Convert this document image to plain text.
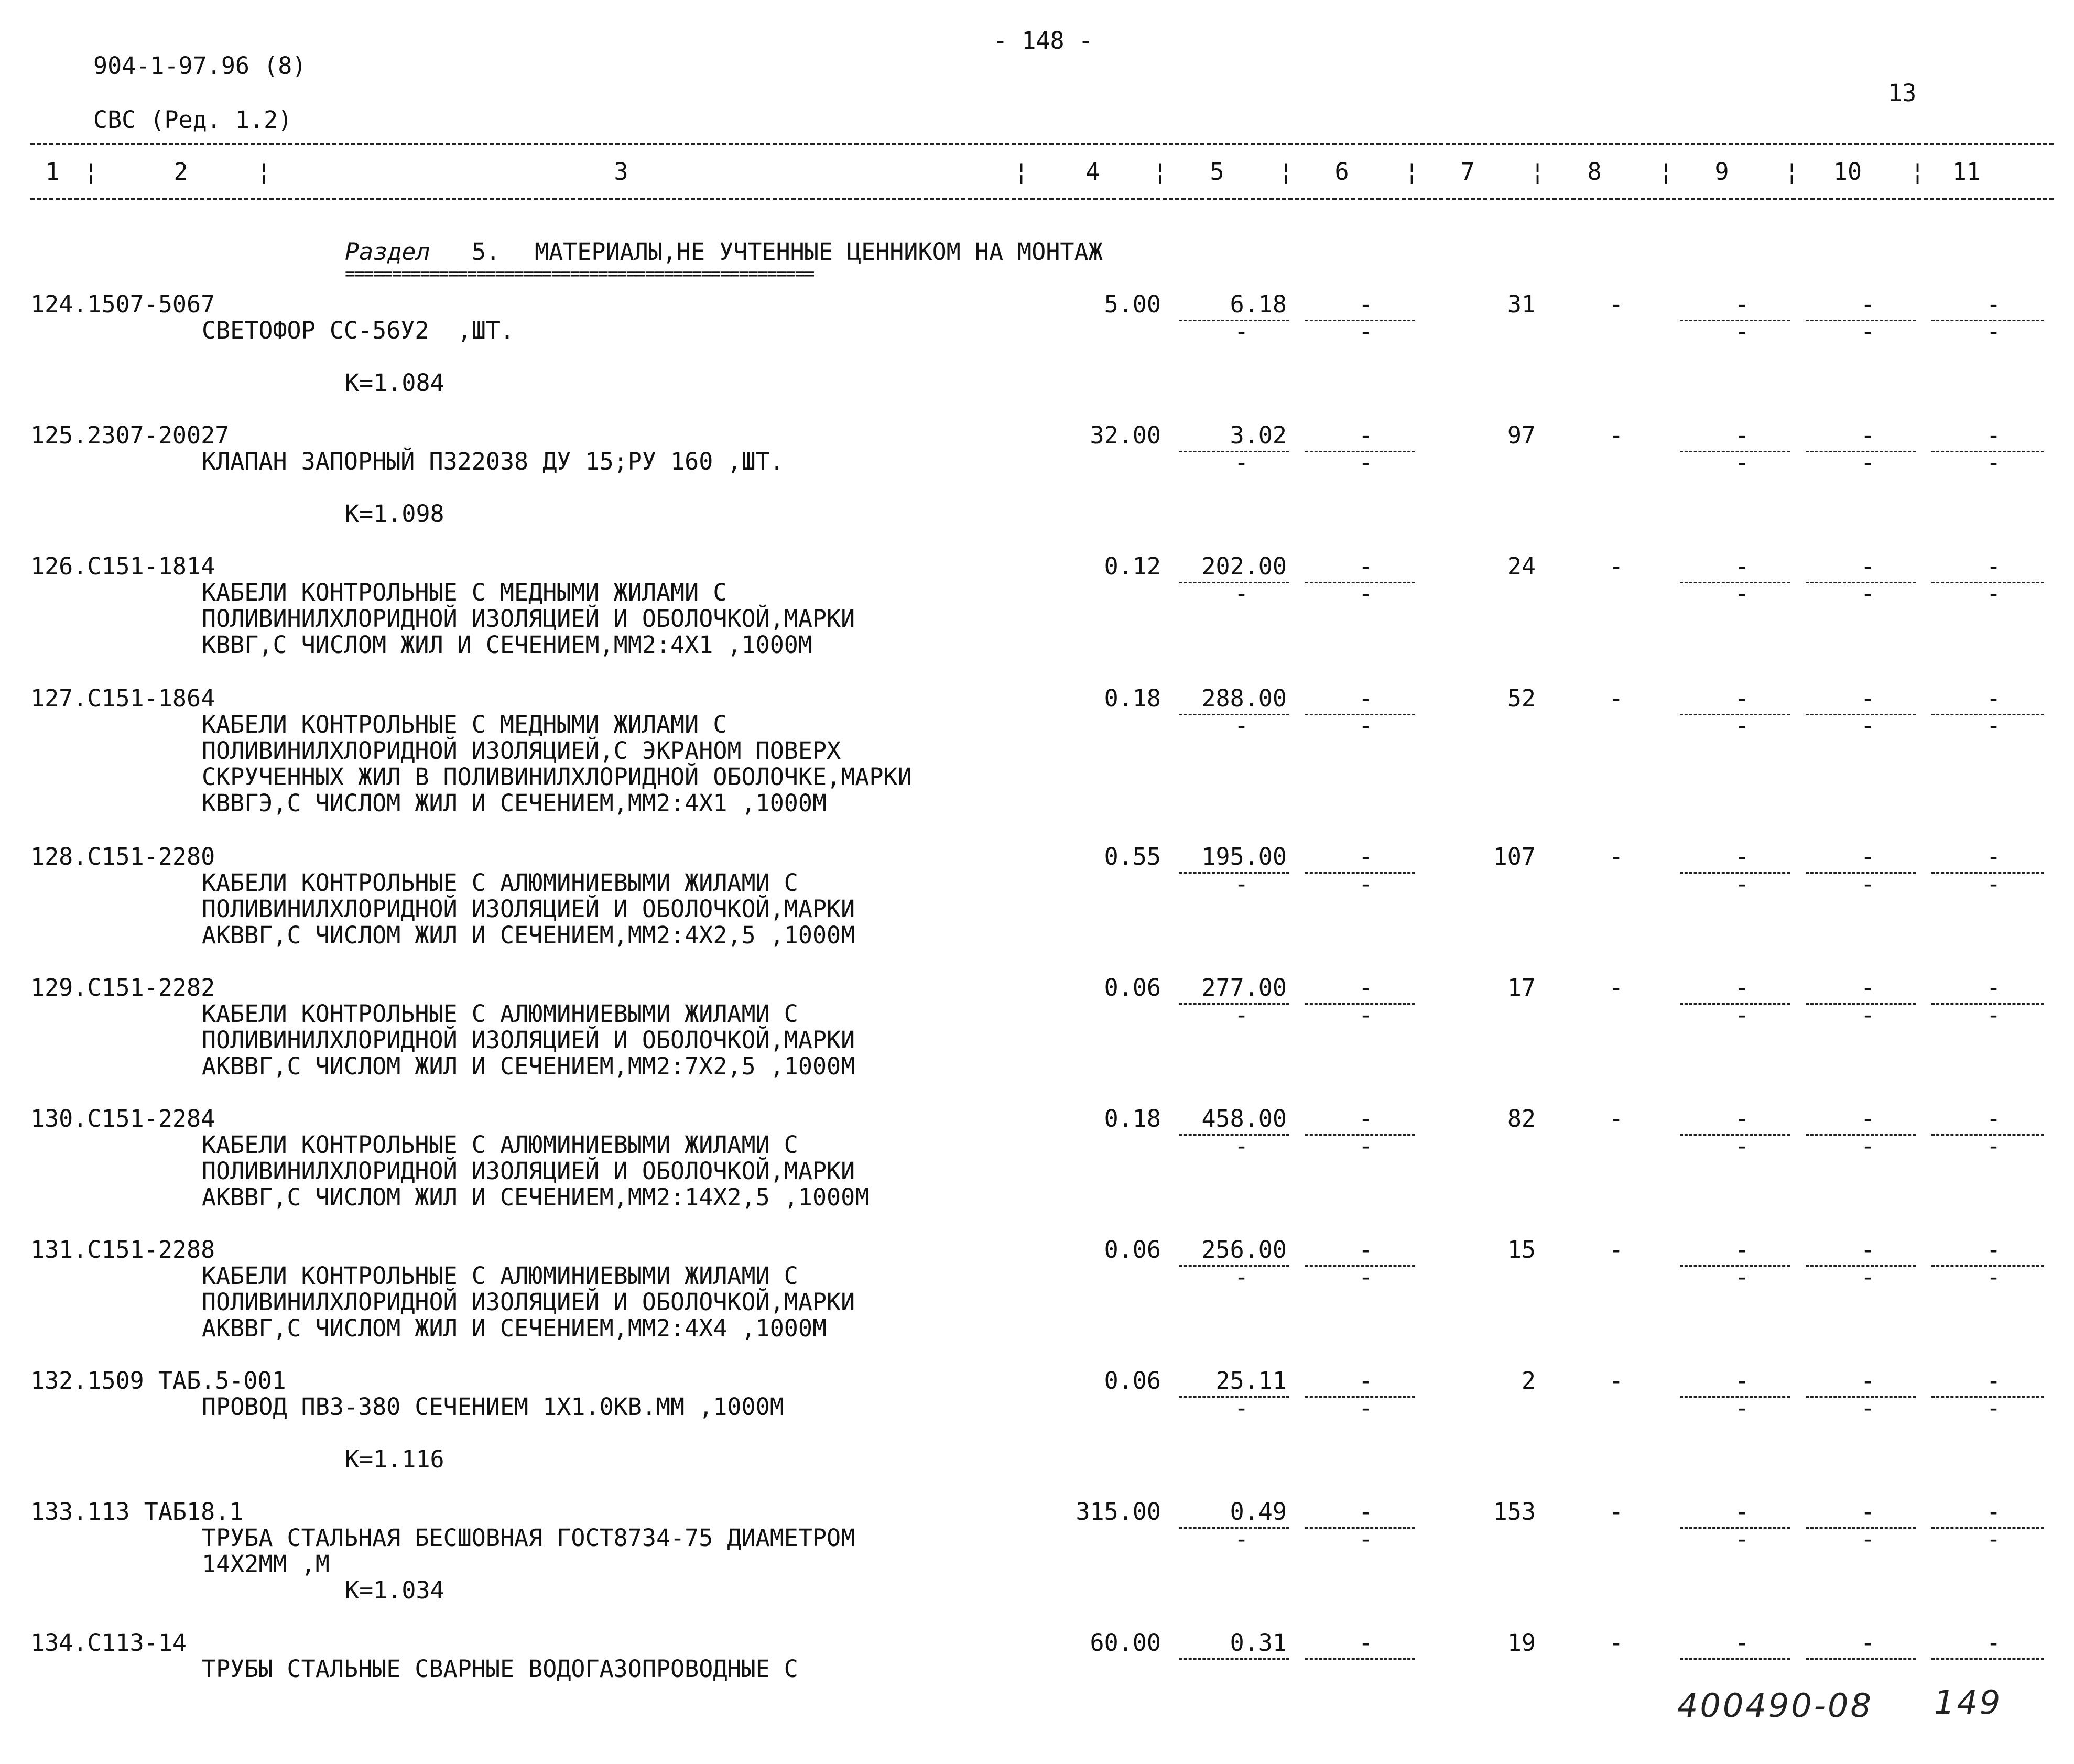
- 148 -
904-1-97.96 (8)
13
СВС (Ред. 1.2)
1	2	3	4	5	6	7	8	9	10	11
¦	¦	¦	¦	¦	¦	¦	¦	¦	¦
Раздел 5. МАТЕРИАЛЫ,НЕ УЧТЕННЫЕ ЦЕННИКОМ НА МОНТАЖ
==================================================
124.1507-5067
СВЕТОФОР СС-56У2  ,ШТ.
5.00	6.18	-	31	-	-	-	-
-	-	-	-	-
К=1.084
125.2307-20027
КЛАПАН ЗАПОРНЫЙ П322038 ДУ 15;РУ 160 ,ШТ.
32.00	3.02	-	97	-	-	-	-
-	-	-	-	-
К=1.098
126.С151-1814
КАБЕЛИ КОНТРОЛЬНЫЕ С МЕДНЫМИ ЖИЛАМИ С
ПОЛИВИНИЛХЛОРИДНОЙ ИЗОЛЯЦИЕЙ И ОБОЛОЧКОЙ,МАРКИ
КВВГ,С ЧИСЛОМ ЖИЛ И СЕЧЕНИЕМ,ММ2:4Х1 ,1000М
0.12	202.00	-	24	-	-	-	-
-	-	-	-	-
127.С151-1864
КАБЕЛИ КОНТРОЛЬНЫЕ С МЕДНЫМИ ЖИЛАМИ С
ПОЛИВИНИЛХЛОРИДНОЙ ИЗОЛЯЦИЕЙ,С ЭКРАНОМ ПОВЕРХ
СКРУЧЕННЫХ ЖИЛ В ПОЛИВИНИЛХЛОРИДНОЙ ОБОЛОЧКЕ,МАРКИ
КВВГЭ,С ЧИСЛОМ ЖИЛ И СЕЧЕНИЕМ,ММ2:4Х1 ,1000М
0.18	288.00	-	52	-	-	-	-
-	-	-	-	-
128.С151-2280
КАБЕЛИ КОНТРОЛЬНЫЕ С АЛЮМИНИЕВЫМИ ЖИЛАМИ С
ПОЛИВИНИЛХЛОРИДНОЙ ИЗОЛЯЦИЕЙ И ОБОЛОЧКОЙ,МАРКИ
АКВВГ,С ЧИСЛОМ ЖИЛ И СЕЧЕНИЕМ,ММ2:4Х2,5 ,1000М
0.55	195.00	-	107	-	-	-	-
-	-	-	-	-
129.С151-2282
КАБЕЛИ КОНТРОЛЬНЫЕ С АЛЮМИНИЕВЫМИ ЖИЛАМИ С
ПОЛИВИНИЛХЛОРИДНОЙ ИЗОЛЯЦИЕЙ И ОБОЛОЧКОЙ,МАРКИ
АКВВГ,С ЧИСЛОМ ЖИЛ И СЕЧЕНИЕМ,ММ2:7Х2,5 ,1000М
0.06	277.00	-	17	-	-	-	-
-	-	-	-	-
130.С151-2284
КАБЕЛИ КОНТРОЛЬНЫЕ С АЛЮМИНИЕВЫМИ ЖИЛАМИ С
ПОЛИВИНИЛХЛОРИДНОЙ ИЗОЛЯЦИЕЙ И ОБОЛОЧКОЙ,МАРКИ
АКВВГ,С ЧИСЛОМ ЖИЛ И СЕЧЕНИЕМ,ММ2:14Х2,5 ,1000М
0.18	458.00	-	82	-	-	-	-
-	-	-	-	-
131.С151-2288
КАБЕЛИ КОНТРОЛЬНЫЕ С АЛЮМИНИЕВЫМИ ЖИЛАМИ С
ПОЛИВИНИЛХЛОРИДНОЙ ИЗОЛЯЦИЕЙ И ОБОЛОЧКОЙ,МАРКИ
АКВВГ,С ЧИСЛОМ ЖИЛ И СЕЧЕНИЕМ,ММ2:4Х4 ,1000М
0.06	256.00	-	15	-	-	-	-
-	-	-	-	-
132.1509 ТАБ.5-001
ПРОВОД ПВЗ-380 СЕЧЕНИЕМ 1Х1.0КВ.ММ ,1000М
0.06	25.11	-	2	-	-	-	-
-	-	-	-	-
К=1.116
133.113 ТАБ18.1
ТРУБА СТАЛЬНАЯ БЕСШОВНАЯ ГОСТ8734-75 ДИАМЕТРОМ
14Х2ММ ,М
315.00	0.49	-	153	-	-	-	-
-	-	-	-	-
К=1.034
134.С113-14
ТРУБЫ СТАЛЬНЫЕ СВАРНЫЕ ВОДОГАЗОПРОВОДНЫЕ С
60.00	0.31	-	19	-	-	-	-
400490-08 149
